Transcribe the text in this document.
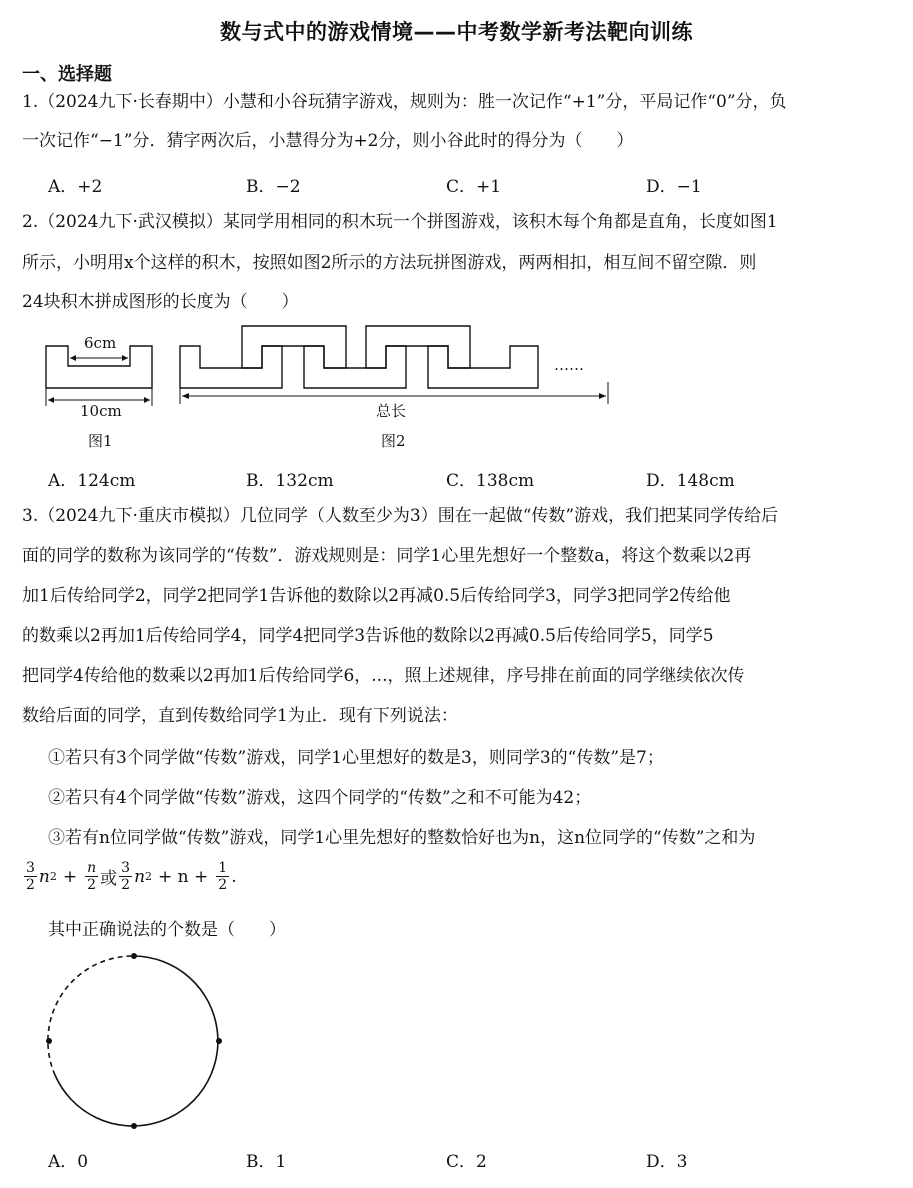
数与式中的游戏情境——中考数学新考法靶向训练
一、选择题
1.（2024九下·长春期中）小慧和小谷玩猜字游戏，规则为：胜一次记作“+1”分，平局记作“0”分，负
一次记作“−1”分．猜字两次后，小慧得分为+2分，则小谷此时的得分为（　　）
A．+2	B．−2	C．+1	D．−1
2.（2024九下·武汉模拟）某同学用相同的积木玩一个拼图游戏，该积木每个角都是直角，长度如图1
所示，小明用x个这样的积木，按照如图2所示的方法玩拼图游戏，两两相扣，相互间不留空隙．则
24块积木拼成图形的长度为（　　）
6cm
10cm
图1
……
总长
图2
A．124cm	B．132cm	C．138cm	D．148cm
3.（2024九下·重庆市模拟）几位同学（人数至少为3）围在一起做“传数”游戏，我们把某同学传给后
面的同学的数称为该同学的“传数”．游戏规则是：同学1心里先想好一个整数a，将这个数乘以2再
加1后传给同学2，同学2把同学1告诉他的数除以2再减0.5后传给同学3，同学3把同学2传给他
的数乘以2再加1后传给同学4，同学4把同学3告诉他的数除以2再减0.5后传给同学5，同学5
把同学4传给他的数乘以2再加1后传给同学6，...，照上述规律，序号排在前面的同学继续依次传
数给后面的同学，直到传数给同学1为止．现有下列说法：
①若只有3个同学做“传数”游戏，同学1心里想好的数是3，则同学3的“传数”是7；
②若只有4个同学做“传数”游戏，这四个同学的“传数”之和不可能为42；
③若有n位同学做“传数”游戏，同学1心里先想好的整数恰好也为n，这n位同学的“传数”之和为
$\frac{3}{2}$ n $2 + \frac{n}{2}$ 或 $\frac{3}{2}$ n $2 + n + \frac{1}{2}$ .
其中正确说法的个数是（　　）
A．0	B．1	C．2	D．3
